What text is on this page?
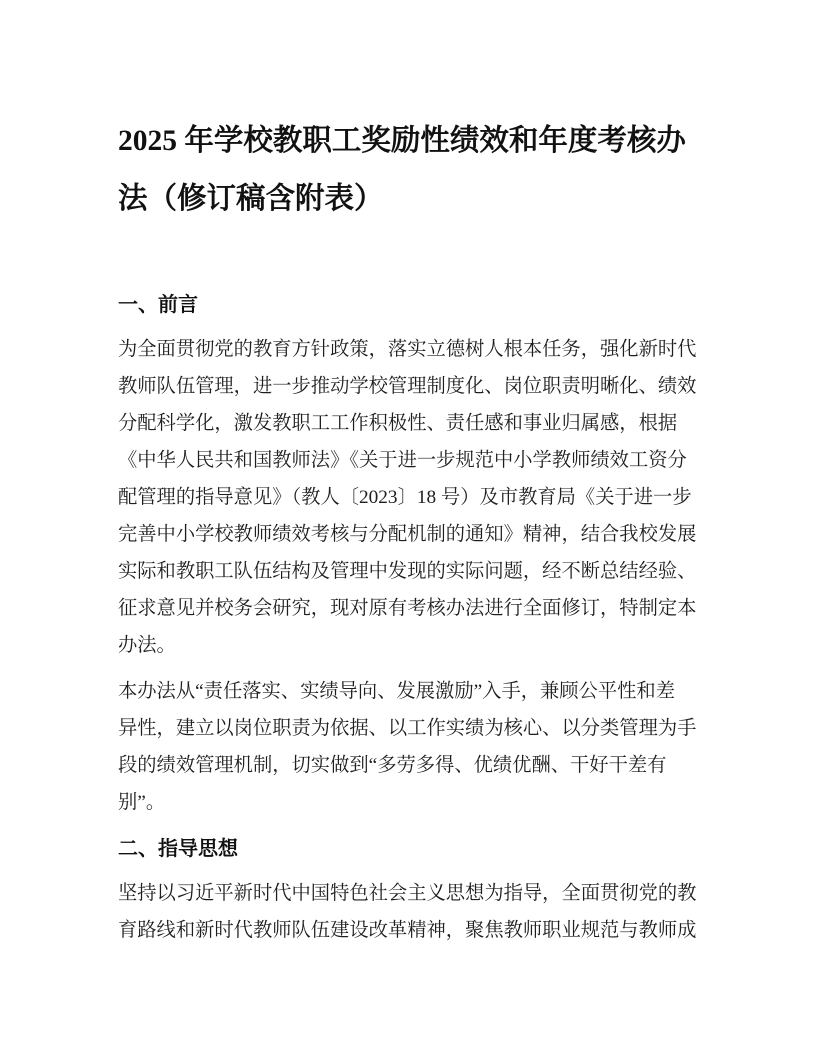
2025 年学校教职工奖励性绩效和年度考核办
法（修订稿含附表）
一、前言
为全面贯彻党的教育方针政策，落实立德树人根本任务，强化新时代
教师队伍管理，进一步推动学校管理制度化、岗位职责明晰化、绩效
分配科学化，激发教职工工作积极性、责任感和事业归属感，根据
《中华人民共和国教师法》《关于进一步规范中小学教师绩效工资分
配管理的指导意见》（教人〔2023〕18 号）及市教育局《关于进一步
完善中小学校教师绩效考核与分配机制的通知》精神，结合我校发展
实际和教职工队伍结构及管理中发现的实际问题，经不断总结经验、
征求意见并校务会研究，现对原有考核办法进行全面修订，特制定本
办法。
本办法从“责任落实、实绩导向、发展激励”入手，兼顾公平性和差
异性，建立以岗位职责为依据、以工作实绩为核心、以分类管理为手
段的绩效管理机制，切实做到“多劳多得、优绩优酬、干好干差有
别”。
二、指导思想
坚持以习近平新时代中国特色社会主义思想为指导，全面贯彻党的教
育路线和新时代教师队伍建设改革精神，聚焦教师职业规范与教师成
